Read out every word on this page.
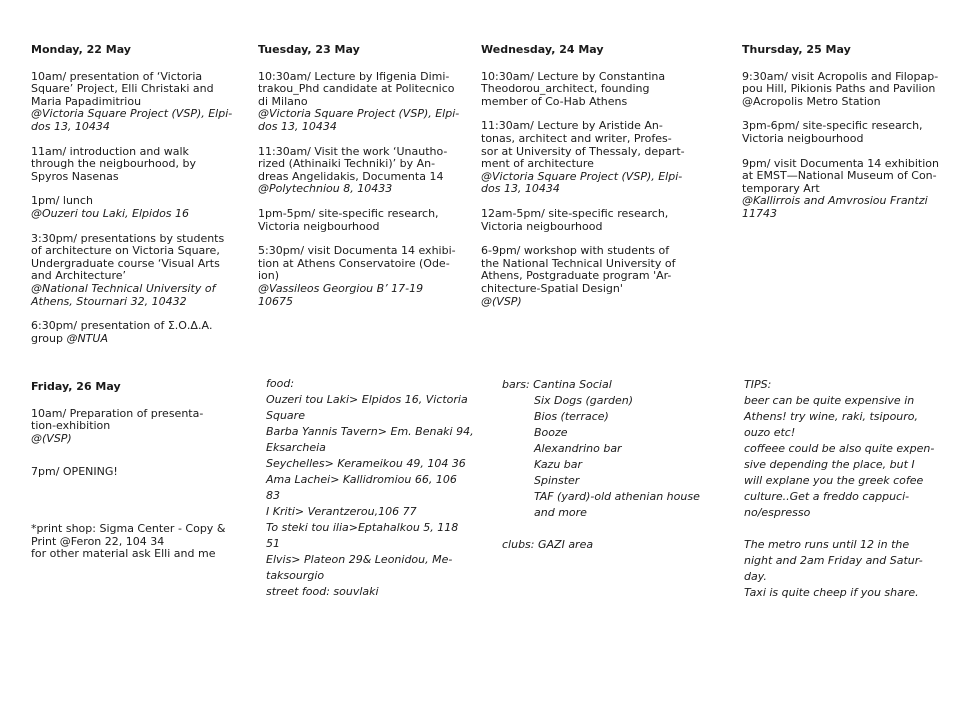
Monday, 22 May
10am/ presentation of ‘Victoria
Square’ Project, Elli Christaki and
Maria Papadimitriou
@Victoria Square Project (VSP), Elpi-
dos 13, 10434
11am/ introduction and walk
through the neigbourhood, by
Spyros Nasenas
1pm/ lunch
@Ouzeri tou Laki, Elpidos 16
3:30pm/ presentations by students
of architecture on Victoria Square,
Undergraduate course ‘Visual Arts
and Architecture’
@National Technical University of
Athens, Stournari 32, 10432
6:30pm/ presentation of Σ.Ο.Δ.Α.
group @NTUA
Tuesday, 23 May
10:30am/ Lecture by Ifigenia Dimi-
trakou_Phd candidate at Politecnico
di Milano
@Victoria Square Project (VSP), Elpi-
dos 13, 10434
11:30am/ Visit the work ‘Unautho-
rized (Athinaiki Techniki)’ by An-
dreas Angelidakis, Documenta 14
@Polytechniou 8, 10433
1pm-5pm/ site-specific research,
Victoria neigbourhood
5:30pm/ visit Documenta 14 exhibi-
tion at Athens Conservatoire (Ode-
ion)
@Vassileos Georgiou B’ 17-19
10675
Wednesday, 24 May
10:30am/ Lecture by Constantina
Theodorou_architect, founding
member of Co-Hab Athens
11:30am/ Lecture by Aristide An-
tonas, architect and writer, Profes-
sor at University of Thessaly, depart-
ment of architecture
@Victoria Square Project (VSP), Elpi-
dos 13, 10434
12am-5pm/ site-specific research,
Victoria neigbourhood
6-9pm/ workshop with students of
the National Technical University of
Athens, Postgraduate program 'Ar-
chitecture-Spatial Design'
@(VSP)
Thursday, 25 May
9:30am/ visit Acropolis and Filopap-
pou Hill, Pikionis Paths and Pavilion
@Acropolis Metro Station
3pm-6pm/ site-specific research,
Victoria neigbourhood
9pm/ visit Documenta 14 exhibition
at EMST—National Museum of Con-
temporary Art
@Kallirrois and Amvrosiou Frantzi
11743
Friday, 26 May
10am/ Preparation of presenta-
tion-exhibition
@(VSP)
7pm/ OPENING!
*print shop: Sigma Center - Copy &
Print @Feron 22, 104 34
for other material ask Elli and me
food:
Ouzeri tou Laki> Elpidos 16, Victoria
Square
Barba Yannis Tavern> Em. Benaki 94,
Eksarcheia
Seychelles> Kerameikou 49, 104 36
Ama Lachei> Kallidromiou 66, 106
83
I Kriti> Verantzerou,106 77
To steki tou ilia>Eptahalkou 5, 118
51
Elvis> Plateon 29& Leonidou, Me-
taksourgio
street food: souvlaki
bars: Cantina Social
Six Dogs (garden)
Bios (terrace)
Booze
Alexandrino bar
Kazu bar
Spinster
TAF (yard)-old athenian house
and more
clubs: GAZI area
TIPS:
beer can be quite expensive in
Athens! try wine, raki, tsipouro,
ouzo etc!
coffeee could be also quite expen-
sive depending the place, but I
will explane you the greek cofee
culture..Get a freddo cappuci-
no/espresso
The metro runs until 12 in the
night and 2am Friday and Satur-
day.
Taxi is quite cheep if you share.
